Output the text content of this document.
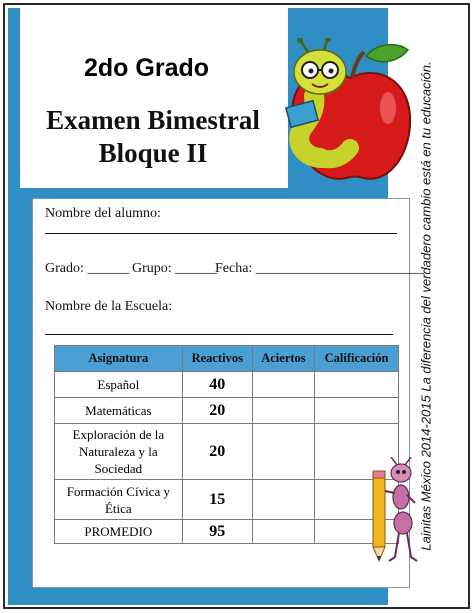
Lainitas México 2014-2015 La diferencia del verdadero cambio está en tu educación.
2do Grado
Examen Bimestral
Bloque II
Nombre del alumno:
Grado: ______ Grupo: ______
Fecha: ________________________
Nombre de la Escuela:
Asignatura	Reactivos	Aciertos	Calificación
Español	40		
Matemáticas	20		
Exploración de la Naturaleza y la Sociedad	20		
Formación Cívica y Ética	15		
PROMEDIO	95		
